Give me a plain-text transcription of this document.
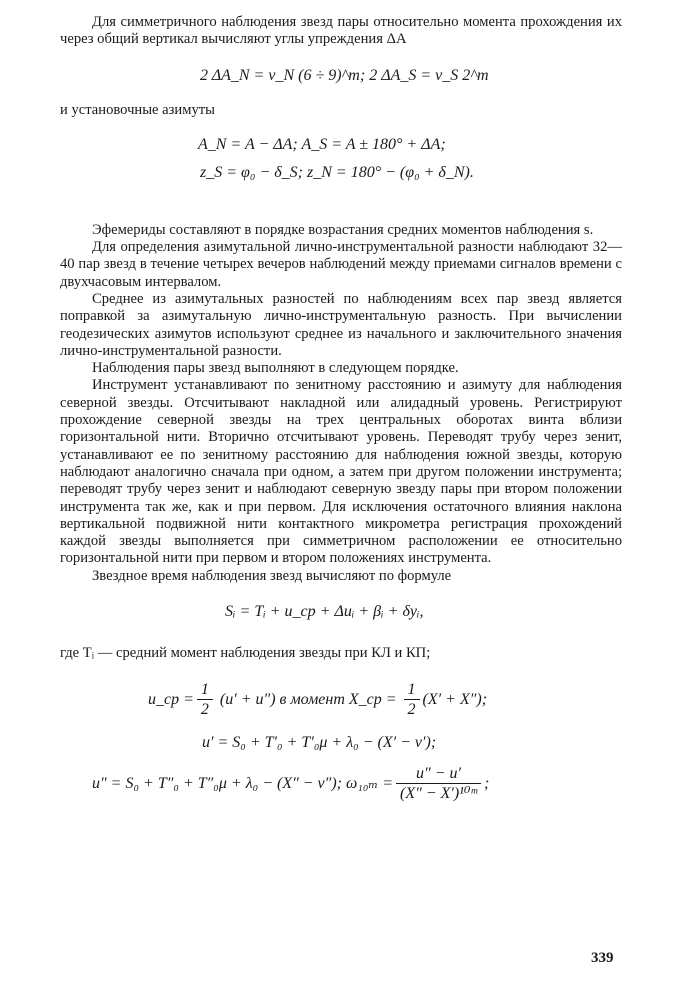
Для симметричного наблюдения звезд пары относительно момента прохождения их через общий вертикал вычисляют углы упреждения ΔA

2 ΔA_N = v_N (6 ÷ 9)^m; 2 ΔA_S = v_S 2^m

и установочные азимуты

A_N = A − ΔA; A_S = A ± 180° + ΔA;
z_S = φ₀ − δ_S; z_N = 180° − (φ₀ + δ_N).

Эфемериды составляют в порядке возрастания средних моментов наблюдения s.

Для определения азимутальной лично-инструментальной разности наблюдают 32—40 пар звезд в течение четырех вечеров наблюдений между приемами сигналов времени с двухчасовым интервалом.

Среднее из азимутальных разностей по наблюдениям всех пар звезд является поправкой за азимутальную лично-инструментальную разность. При вычислении геодезических азимутов используют среднее из начального и заключительного значения лично-инструментальной разности.

Наблюдения пары звезд выполняют в следующем порядке.

Инструмент устанавливают по зенитному расстоянию и азимуту для наблюдения северной звезды. Отсчитывают накладной или алидадный уровень. Регистрируют прохождение северной звезды на трех центральных оборотах винта вблизи горизонтальной нити. Вторично отсчитывают уровень. Переводят трубу через зенит, устанавливают ее по зенитному расстоянию для наблюдения южной звезды, которую наблюдают аналогично сначала при одном, а затем при другом положении инструмента; переводят трубу через зенит и наблюдают северную звезду пары при втором положении инструмента так же, как и при первом. Для исключения остаточного влияния наклона вертикальной подвижной нити контактного микрометра регистрация прохождений каждой звезды выполняется при симметричном расположении ее относительно горизонтальной нити при первом и втором положениях инструмента.

Звездное время наблюдения звезд вычисляют по формуле

Sᵢ = Tᵢ + u_ср + Δuᵢ + βᵢ + δyᵢ,

где Tᵢ — средний момент наблюдения звезды при КЛ и КП;

u_ср = $\frac{1}{2} (u' + u'')$ в момент X_ср = $\frac{1}{2} (X' + X'')$;
u′ = S₀ + T′₀ + T′₀μ + λ₀ − (X′ − v′);
u″ = S₀ + T″₀ + T″₀μ + λ₀ − (X″ − v″); $\omega_{10m} = \frac{u'' - u'}{\text{(X″ − X′)¹⁰ᵐ}}$ ;
339
